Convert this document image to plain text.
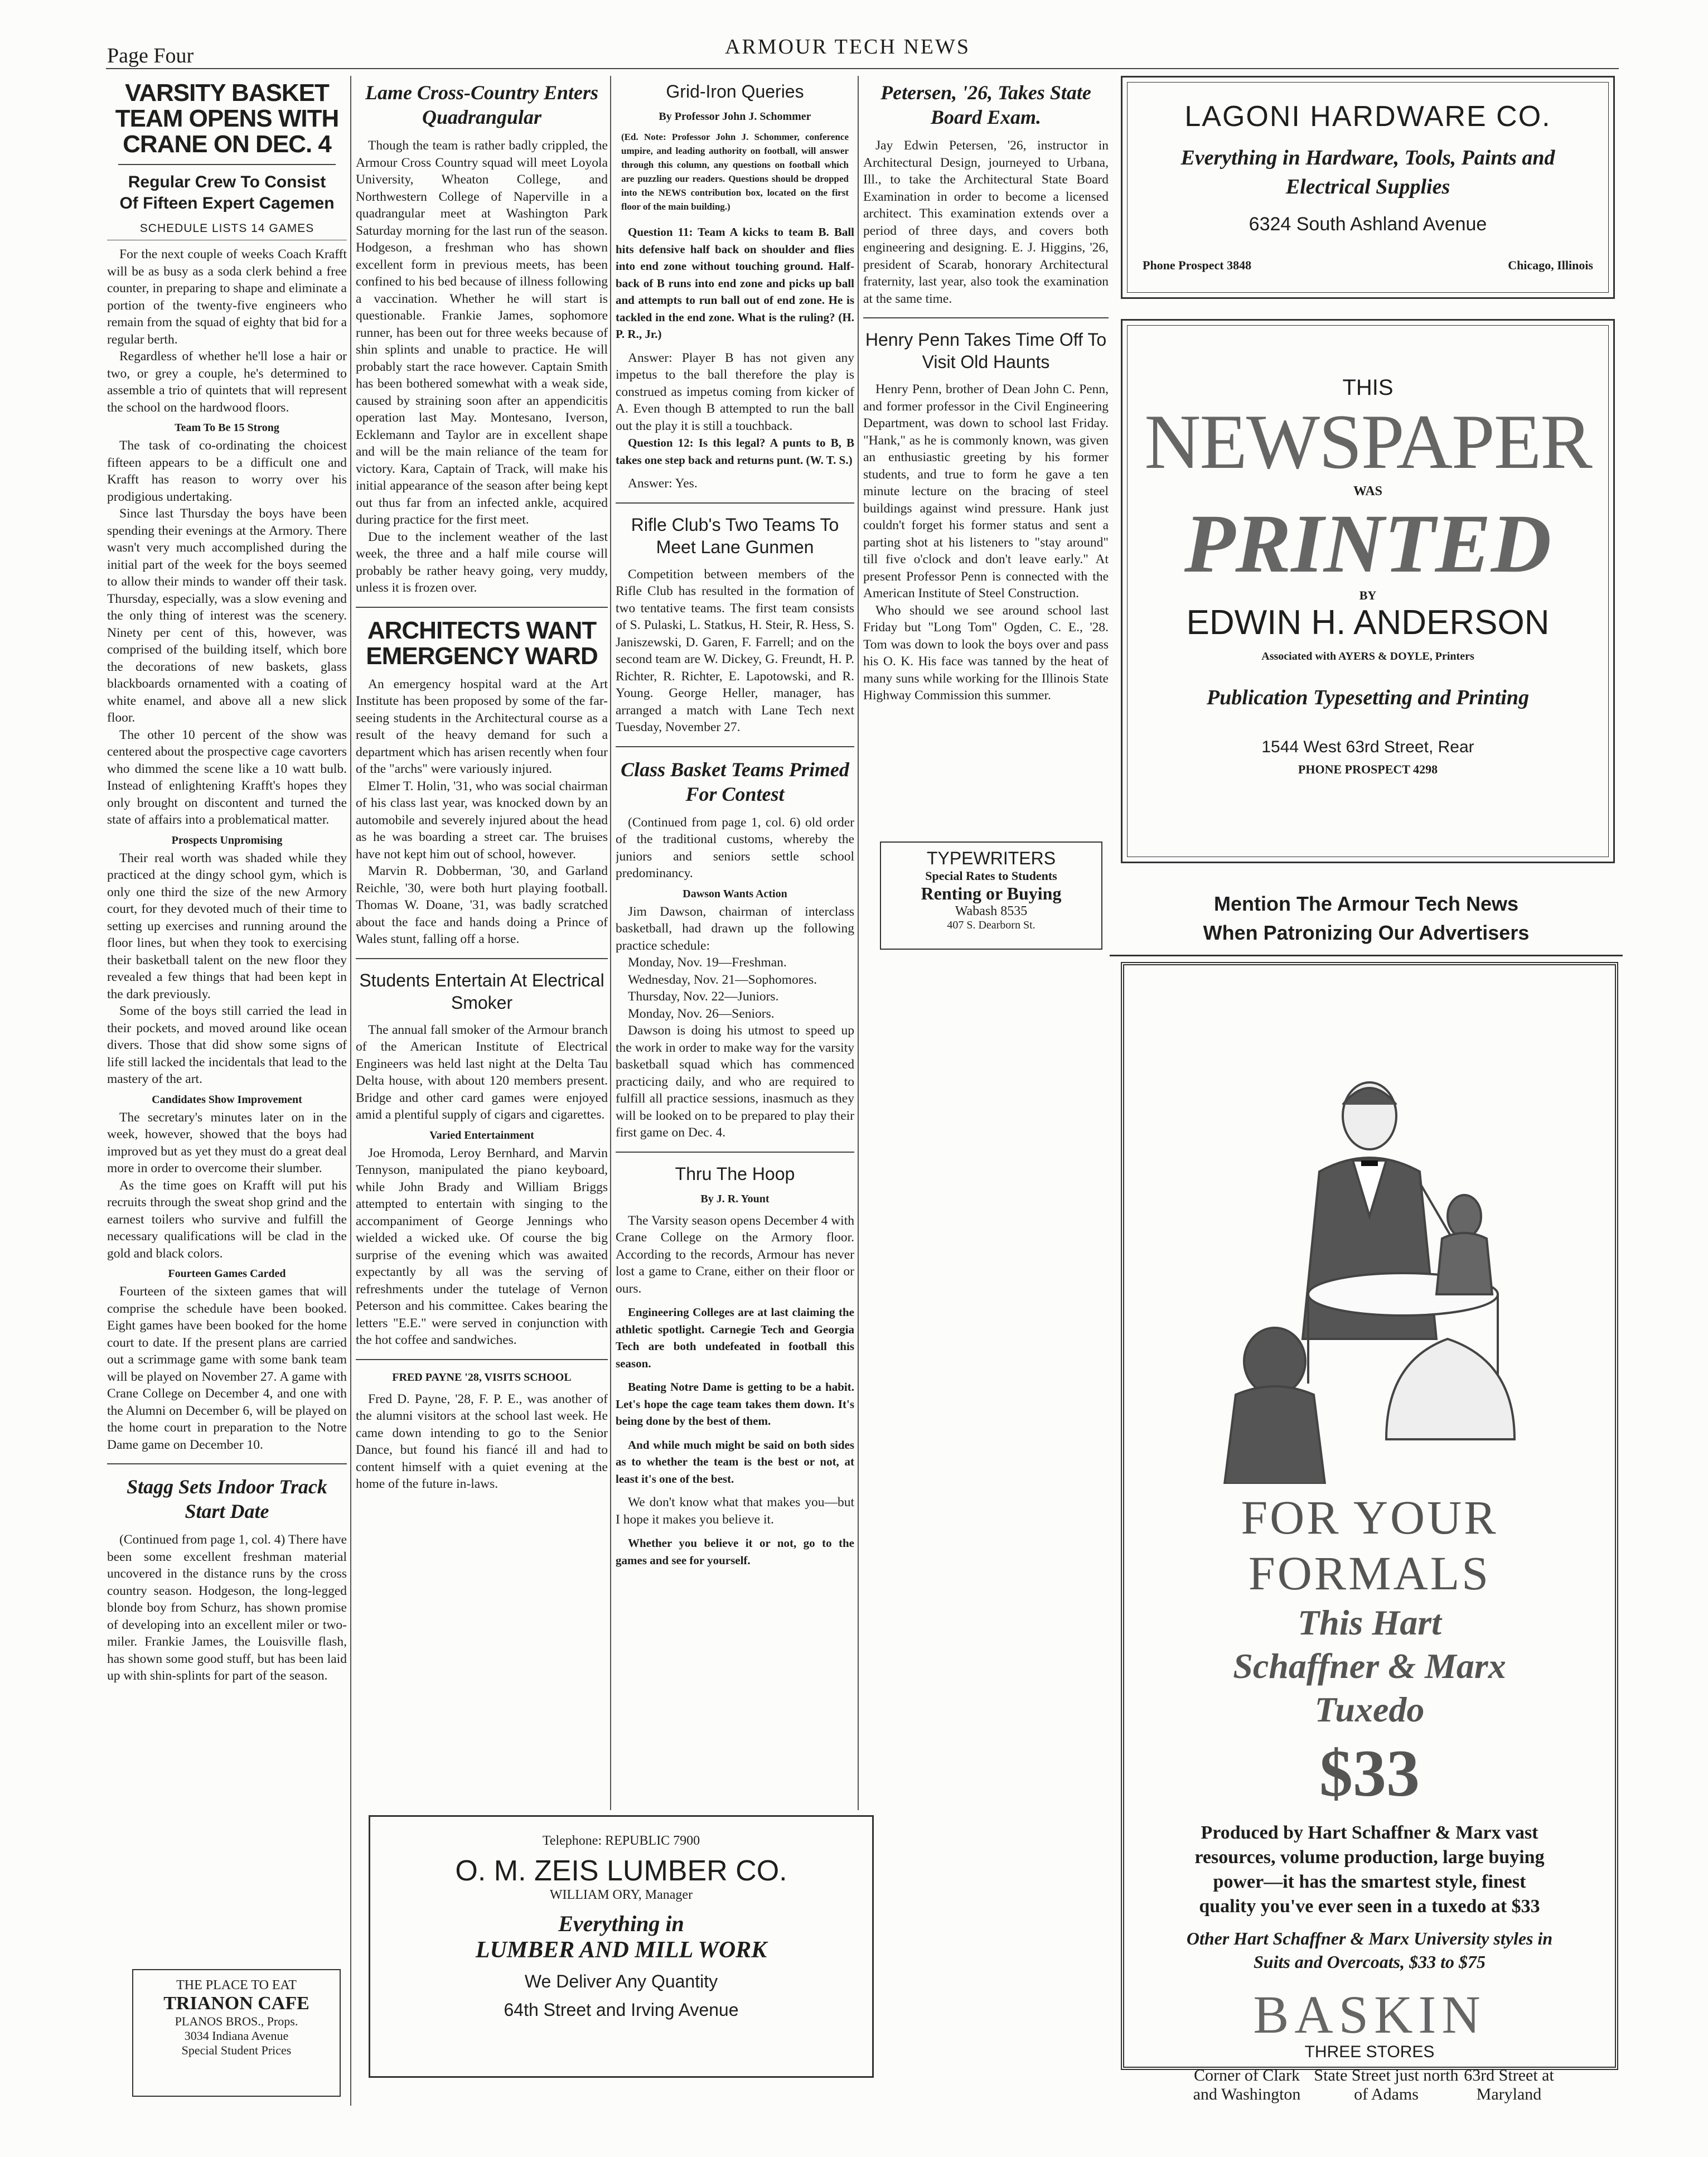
Page Four	ARMOUR TECH NEWS
VARSITY BASKET TEAM OPENS WITH CRANE ON DEC. 4
Regular Crew To Consist Of Fifteen Expert Cagemen
SCHEDULE LISTS 14 GAMES

For the next couple of weeks Coach Krafft will be as busy as a soda clerk behind a free counter, in preparing to shape and eliminate a portion of the twenty-five engineers who remain from the squad of eighty that bid for a regular berth.

Regardless of whether he'll lose a hair or two, or grey a couple, he's determined to assemble a trio of quintets that will represent the school on the hardwood floors.

Team To Be 15 Strong

The task of co-ordinating the choicest fifteen appears to be a difficult one and Krafft has reason to worry over his prodigious undertaking.

Since last Thursday the boys have been spending their evenings at the Armory. There wasn't very much accomplished during the initial part of the week for the boys seemed to allow their minds to wander off their task. Thursday, especially, was a slow evening and the only thing of interest was the scenery. Ninety per cent of this, however, was comprised of the building itself, which bore the decorations of new baskets, glass blackboards ornamented with a coating of white enamel, and above all a new slick floor.

The other 10 percent of the show was centered about the prospective cage cavorters who dimmed the scene like a 10 watt bulb. Instead of enlightening Krafft's hopes they only brought on discontent and turned the state of affairs into a problematical matter.

Prospects Unpromising

Their real worth was shaded while they practiced at the dingy school gym, which is only one third the size of the new Armory court, for they devoted much of their time to setting up exercises and running around the floor lines, but when they took to exercising their basketball talent on the new floor they revealed a few things that had been kept in the dark previously.

Some of the boys still carried the lead in their pockets, and moved around like ocean divers. Those that did show some signs of life still lacked the incidentals that lead to the mastery of the art.

Candidates Show Improvement

The secretary's minutes later on in the week, however, showed that the boys had improved but as yet they must do a great deal more in order to overcome their slumber.

As the time goes on Krafft will put his recruits through the sweat shop grind and the earnest toilers who survive and fulfill the necessary qualifications will be clad in the gold and black colors.

Fourteen Games Carded

Fourteen of the sixteen games that will comprise the schedule have been booked. Eight games have been booked for the home court to date. If the present plans are carried out a scrimmage game with some bank team will be played on November 27. A game with Crane College on December 4, and one with the Alumni on December 6, will be played on the home court in preparation to the Notre Dame game on December 10.

Stagg Sets Indoor Track Start Date

(Continued from page 1, col. 4) There have been some excellent freshman material uncovered in the distance runs by the cross country season. Hodgeson, the long-legged blonde boy from Schurz, has shown promise of developing into an excellent miler or two-miler. Frankie James, the Louisville flash, has shown some good stuff, but has been laid up with shin-splints for part of the season.

THE PLACE TO EAT
TRIANON CAFE
PLANOS BROS., Props.
3034 Indiana Avenue
Special Student Prices
Lame Cross-Country Enters Quadrangular

Though the team is rather badly crippled, the Armour Cross Country squad will meet Loyola University, Wheaton College, and Northwestern College of Naperville in a quadrangular meet at Washington Park Saturday morning for the last run of the season. Hodgeson, a freshman who has shown excellent form in previous meets, has been confined to his bed because of illness following a vaccination. Whether he will start is questionable. Frankie James, sophomore runner, has been out for three weeks because of shin splints and unable to practice. He will probably start the race however. Captain Smith has been bothered somewhat with a weak side, caused by straining soon after an appendicitis operation last May. Montesano, Iverson, Ecklemann and Taylor are in excellent shape and will be the main reliance of the team for victory. Kara, Captain of Track, will make his initial appearance of the season after being kept out thus far from an infected ankle, acquired during practice for the first meet.

Due to the inclement weather of the last week, the three and a half mile course will probably be rather heavy going, very muddy, unless it is frozen over.

ARCHITECTS WANT EMERGENCY WARD

An emergency hospital ward at the Art Institute has been proposed by some of the far-seeing students in the Architectural course as a result of the heavy demand for such a department which has arisen recently when four of the "archs" were variously injured.

Elmer T. Holin, '31, who was social chairman of his class last year, was knocked down by an automobile and severely injured about the head as he was boarding a street car. The bruises have not kept him out of school, however.

Marvin R. Dobberman, '30, and Garland Reichle, '30, were both hurt playing football. Thomas W. Doane, '31, was badly scratched about the face and hands doing a Prince of Wales stunt, falling off a horse.

Students Entertain At Electrical Smoker

The annual fall smoker of the Armour branch of the American Institute of Electrical Engineers was held last night at the Delta Tau Delta house, with about 120 members present. Bridge and other card games were enjoyed amid a plentiful supply of cigars and cigarettes.

Varied Entertainment

Joe Hromoda, Leroy Bernhard, and Marvin Tennyson, manipulated the piano keyboard, while John Brady and William Briggs attempted to entertain with singing to the accompaniment of George Jennings who wielded a wicked uke. Of course the big surprise of the evening which was awaited expectantly by all was the serving of refreshments under the tutelage of Vernon Peterson and his committee. Cakes bearing the letters "E.E." were served in conjunction with the hot coffee and sandwiches.

FRED PAYNE '28, VISITS SCHOOL

Fred D. Payne, '28, F. P. E., was another of the alumni visitors at the school last week. He came down intending to go to the Senior Dance, but found his fiancé ill and had to content himself with a quiet evening at the home of the future in-laws.

Grid-Iron Queries
By Professor John J. Schommer

(Ed. Note: Professor John J. Schommer, conference umpire, and leading authority on football, will answer through this column, any questions on football which are puzzling our readers. Questions should be dropped into the NEWS contribution box, located on the first floor of the main building.)

Question 11: Team A kicks to team B. Ball hits defensive half back on shoulder and flies into end zone without touching ground. Half-back of B runs into end zone and picks up ball and attempts to run ball out of end zone. He is tackled in the end zone. What is the ruling? (H. P. R., Jr.)

Answer: Player B has not given any impetus to the ball therefore the play is construed as impetus coming from kicker of A. Even though B attempted to run the ball out the play it is still a touchback.

Question 12: Is this legal? A punts to B, B takes one step back and returns punt. (W. T. S.)

Answer: Yes.

Rifle Club's Two Teams To Meet Lane Gunmen

Competition between members of the Rifle Club has resulted in the formation of two tentative teams. The first team consists of S. Pulaski, L. Statkus, H. Steir, R. Hess, S. Janiszewski, D. Garen, F. Farrell; and on the second team are W. Dickey, G. Freundt, H. P. Richter, R. Richter, E. Lapotowski, and R. Young. George Heller, manager, has arranged a match with Lane Tech next Tuesday, November 27.

Class Basket Teams Primed For Contest

(Continued from page 1, col. 6) old order of the traditional customs, whereby the juniors and seniors settle school predominancy.

Dawson Wants Action

Jim Dawson, chairman of interclass basketball, had drawn up the following practice schedule:

Monday, Nov. 19—Freshman.
Wednesday, Nov. 21—Sophomores.
Thursday, Nov. 22—Juniors.
Monday, Nov. 26—Seniors.

Dawson is doing his utmost to speed up the work in order to make way for the varsity basketball squad which has commenced practicing daily, and who are required to fulfill all practice sessions, inasmuch as they will be looked on to be prepared to play their first game on Dec. 4.

Thru The Hoop
By J. R. Yount

The Varsity season opens December 4 with Crane College on the Armory floor. According to the records, Armour has never lost a game to Crane, either on their floor or ours.

Engineering Colleges are at last claiming the athletic spotlight. Carnegie Tech and Georgia Tech are both undefeated in football this season.

Beating Notre Dame is getting to be a habit. Let's hope the cage team takes them down. It's being done by the best of them.

And while much might be said on both sides as to whether the team is the best or not, at least it's one of the best.

We don't know what that makes you—but I hope it makes you believe it.

Whether you believe it or not, go to the games and see for yourself.

Telephone: REPUBLIC 7900
O. M. ZEIS LUMBER CO.
WILLIAM ORY, Manager
Everything in
LUMBER AND MILL WORK
We Deliver Any Quantity
64th Street and Irving Avenue
Petersen, '26, Takes State Board Exam.

Jay Edwin Petersen, '26, instructor in Architectural Design, journeyed to Urbana, Ill., to take the Architectural State Board Examination in order to become a licensed architect. This examination extends over a period of three days, and covers both engineering and designing. E. J. Higgins, '26, president of Scarab, honorary Architectural fraternity, last year, also took the examination at the same time.

Henry Penn Takes Time Off To Visit Old Haunts

Henry Penn, brother of Dean John C. Penn, and former professor in the Civil Engineering Department, was down to school last Friday. "Hank," as he is commonly known, was given an enthusiastic greeting by his former students, and true to form he gave a ten minute lecture on the bracing of steel buildings against wind pressure. Hank just couldn't forget his former status and sent a parting shot at his listeners to "stay around" till five o'clock and don't leave early." At present Professor Penn is connected with the American Institute of Steel Construction.

Who should we see around school last Friday but "Long Tom" Ogden, C. E., '28. Tom was down to look the boys over and pass his O. K. His face was tanned by the heat of many suns while working for the Illinois State Highway Commission this summer.

TYPEWRITERS
Special Rates to Students
Renting or Buying
Wabash 8535
407 S. Dearborn St.
LAGONI HARDWARE CO.
Everything in Hardware, Tools, Paints and Electrical Supplies
6324 South Ashland Avenue
Phone Prospect 3848	Chicago, Illinois
THIS
NEWSPAPER
WAS
PRINTED
BY
EDWIN H. ANDERSON
Associated with AYERS & DOYLE, Printers
Publication Typesetting and Printing
1544 West 63rd Street, Rear
PHONE PROSPECT 4298
Mention The Armour Tech News
When Patronizing Our Advertisers
FOR YOUR FORMALS
This Hart
Schaffner & Marx
Tuxedo
$33
Produced by Hart Schaffner & Marx vast resources, volume production, large buying power—it has the smartest style, finest quality you've ever seen in a tuxedo at $33
Other Hart Schaffner & Marx University styles in Suits and Overcoats, $33 to $75
BASKIN
THREE STORES
Corner of Clark and Washington
State Street just north of Adams
63rd Street at Maryland
